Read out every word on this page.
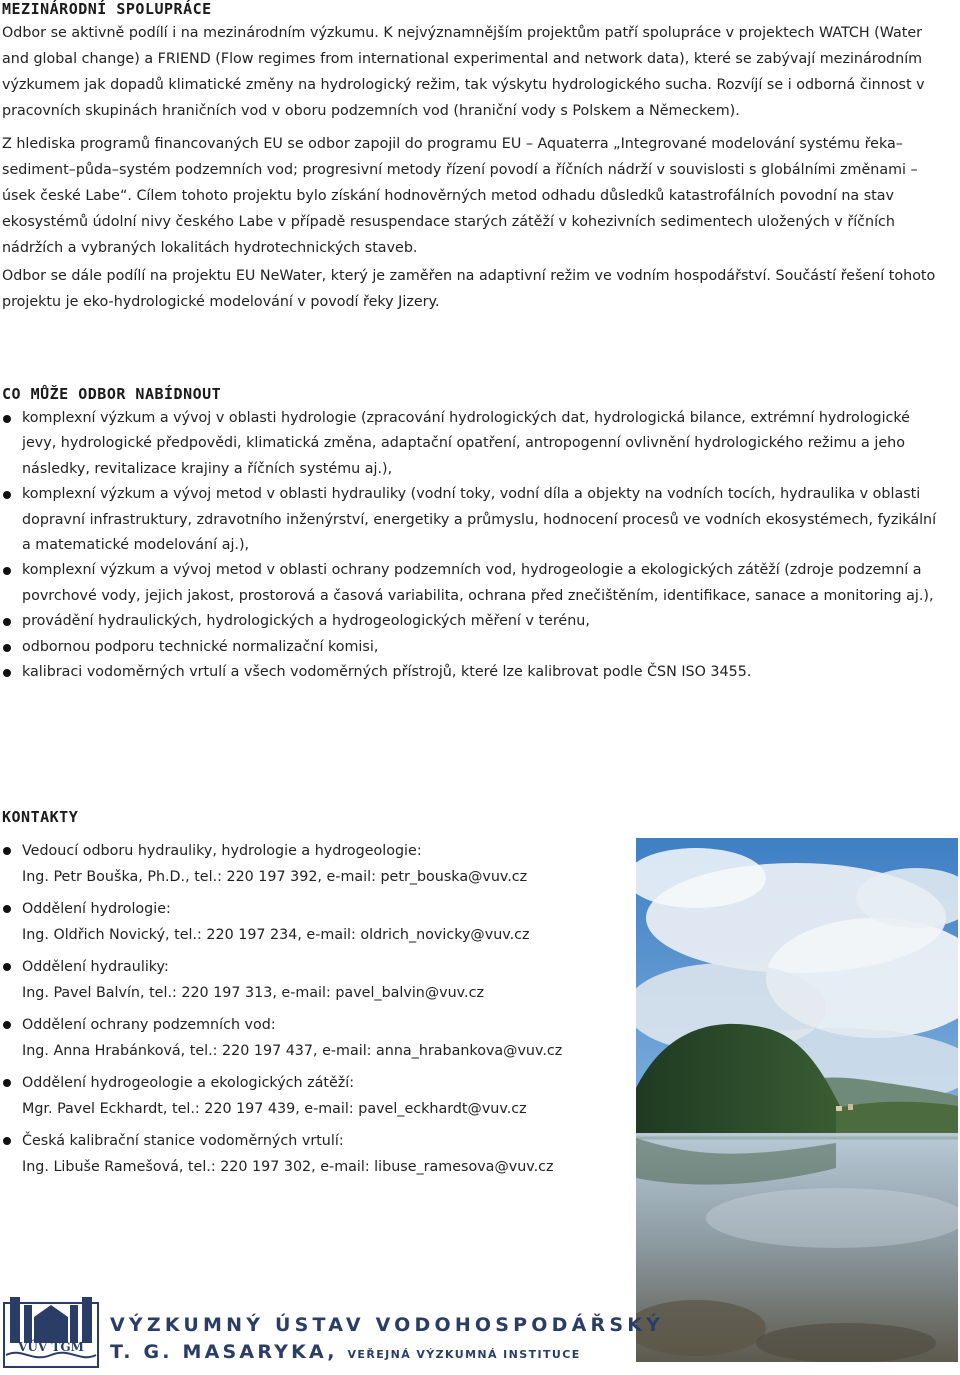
MEZINÁRODNÍ SPOLUPRÁCE

Odbor se aktivně podílí i na mezinárodním výzkumu. K nejvýznamnějším projektům patří spolupráce v projektech WATCH (Water and global change) a FRIEND (Flow regimes from international experimental and network data), které se zabývají mezinárodním výzkumem jak dopadů klimatické změny na hydrologický režim, tak výskytu hydrologického sucha. Rozvíjí se i odborná činnost v pracovních skupinách hraničních vod v oboru podzemních vod (hraniční vody s Polskem a Německem).

Z hlediska programů financovaných EU se odbor zapojil do programu EU – Aquaterra „Integrované modelování systému řeka–sediment–půda–systém podzemních vod; progresivní metody řízení povodí a říčních nádrží v souvislosti s globálními změnami – úsek české Labe“. Cílem tohoto projektu bylo získání hodnověrných metod odhadu důsledků katastrofálních povodní na stav ekosystémů údolní nivy českého Labe v případě resuspendace starých zátěží v kohezivních sedimentech uložených v říčních nádržích a vybraných lokalitách hydrotechnických staveb.

Odbor se dále podílí na projektu EU NeWater, který je zaměřen na adaptivní režim ve vodním hospodářství. Součástí řešení tohoto projektu je eko-hydrologické modelování v povodí řeky Jizery.

CO MŮŽE ODBOR NABÍDNOUT
komplexní výzkum a vývoj v oblasti hydrologie (zpracování hydrologických dat, hydrologická bilance, extrémní hydrologické jevy, hydrologické předpovědi, klimatická změna, adaptační opatření, antropogenní ovlivnění hydrologického režimu a jeho následky, revitalizace krajiny a říčních systému aj.),
komplexní výzkum a vývoj metod v oblasti hydrauliky (vodní toky, vodní díla a objekty na vodních tocích, hydraulika v oblasti dopravní infrastruktury, zdravotního inženýrství, energetiky a průmyslu, hodnocení procesů ve vodních ekosystémech, fyzikální a matematické modelování aj.),
komplexní výzkum a vývoj metod v oblasti ochrany podzemních vod, hydrogeologie a ekologických zátěží (zdroje podzemní a povrchové vody, jejich jakost, prostorová a časová variabilita, ochrana před znečištěním, identifikace, sanace a monitoring aj.),
provádění hydraulických, hydrologických a hydrogeologických měření v terénu,
odbornou podporu technické normalizační komisi,
kalibraci vodoměrných vrtulí a všech vodoměrných přístrojů, které lze kalibrovat podle ČSN ISO 3455.
KONTAKTY
Vedoucí odboru hydrauliky, hydrologie a hydrogeologie:
Ing. Petr Bouška, Ph.D., tel.: 220 197 392, e-mail: petr_bouska@vuv.cz
Oddělení hydrologie:
Ing. Oldřich Novický, tel.: 220 197 234, e-mail: oldrich_novicky@vuv.cz
Oddělení hydrauliky:
Ing. Pavel Balvín, tel.: 220 197 313, e-mail: pavel_balvin@vuv.cz
Oddělení ochrany podzemních vod:
Ing. Anna Hrabánková, tel.: 220 197 437, e-mail: anna_hrabankova@vuv.cz
Oddělení hydrogeologie a ekologických zátěží:
Mgr. Pavel Eckhardt, tel.: 220 197 439, e-mail: pavel_eckhardt@vuv.cz
Česká kalibrační stanice vodoměrných vrtulí:
Ing. Libuše Ramešová, tel.: 220 197 302, e-mail: libuse_ramesova@vuv.cz
VÚV TGM

VÝZKUMNÝ ÚSTAV VODOHOSPODÁŘSKÝ

T. G. MASARYKA, VEŘEJNÁ VÝZKUMNÁ INSTITUCE
